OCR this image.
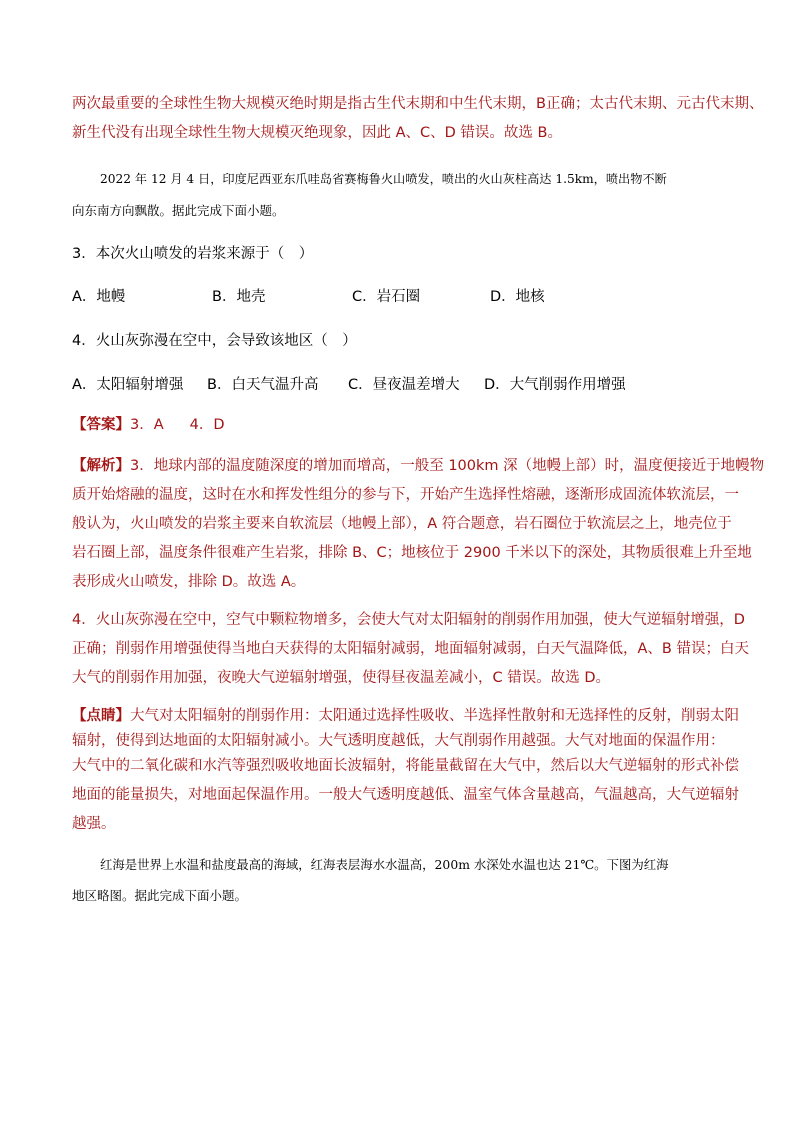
两次最重要的全球性生物大规模灭绝时期是指古生代末期和中生代末期，B正确；太古代末期、元古代末期、

新生代没有出现全球性生物大规模灭绝现象，因此 A、C、D 错误。故选 B。

2022 年 12 月 4 日，印度尼西亚东爪哇岛省赛梅鲁火山喷发，喷出的火山灰柱高达 1.5km，喷出物不断

向东南方向飘散。据此完成下面小题。

3．本次火山喷发的岩浆来源于（　）

A．地幔	B．地壳	C．岩石圈	D．地核

4．火山灰弥漫在空中，会导致该地区（　）

A．太阳辐射增强	B．白天气温升高	C．昼夜温差增大	D．大气削弱作用增强

【答案】3．A 4．D

【解析】3．地球内部的温度随深度的增加而增高，一般至 100km 深（地幔上部）时，温度便接近于地幔物

质开始熔融的温度，这时在水和挥发性组分的参与下，开始产生选择性熔融，逐渐形成固流体软流层，一

般认为，火山喷发的岩浆主要来自软流层（地幔上部），A 符合题意，岩石圈位于软流层之上，地壳位于

岩石圈上部，温度条件很难产生岩浆，排除 B、C；地核位于 2900 千米以下的深处，其物质很难上升至地

表形成火山喷发，排除 D。故选 A。

4．火山灰弥漫在空中，空气中颗粒物增多，会使大气对太阳辐射的削弱作用加强，使大气逆辐射增强，D

正确；削弱作用增强使得当地白天获得的太阳辐射减弱，地面辐射减弱，白天气温降低，A、B 错误；白天

大气的削弱作用加强，夜晚大气逆辐射增强，使得昼夜温差减小，C 错误。故选 D。

【点睛】大气对太阳辐射的削弱作用：太阳通过选择性吸收、半选择性散射和无选择性的反射，削弱太阳

辐射，使得到达地面的太阳辐射减小。大气透明度越低，大气削弱作用越强。大气对地面的保温作用：

大气中的二氧化碳和水汽等强烈吸收地面长波辐射，将能量截留在大气中，然后以大气逆辐射的形式补偿

地面的能量损失，对地面起保温作用。一般大气透明度越低、温室气体含量越高，气温越高，大气逆辐射

越强。

红海是世界上水温和盐度最高的海域，红海表层海水水温高，200m 水深处水温也达 21℃。下图为红海

地区略图。据此完成下面小题。
